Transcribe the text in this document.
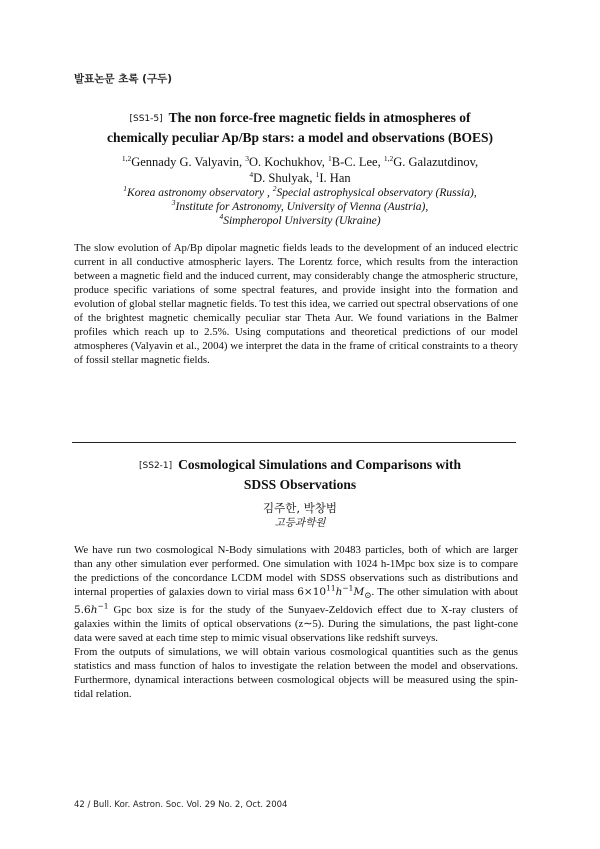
발표논문 초록 (구두)
[SS1-5] The non force-free magnetic fields in atmospheres of
chemically peculiar Ap/Bp stars: a model and observations (BOES)
$^{1,2}$Gennady G. Valyavin, $^3$O. Kochukhov, $^1$B-C. Lee, $^{1,2}$G. Galazutdinov,
$^4$D. Shulyak, $^1$I. Han
$^1$Korea astronomy observatory , $^2$Special astrophysical observatory (Russia),
$^3$Institute for Astronomy, University of Vienna (Austria),
$^4$Simpheropol University (Ukraine)

The slow evolution of Ap/Bp dipolar magnetic fields leads to the development of an induced electric current in all conductive atmospheric layers. The Lorentz force, which results from the interaction between a magnetic field and the induced current, may considerably change the atmospheric structure, produce specific variations of some spectral features, and provide insight into the formation and evolution of global stellar magnetic fields. To test this idea, we carried out spectral observations of one of the brightest magnetic chemically peculiar star Theta Aur. We found variations in the Balmer profiles which reach up to 2.5%. Using computations and theoretical predictions of our model atmospheres (Valyavin et al., 2004) we interpret the data in the frame of critical constraints to a theory of fossil stellar magnetic fields.

[SS2-1] Cosmological Simulations and Comparisons with
SDSS Observations
김주한, 박창범
고등과학원

We have run two cosmological N-Body simulations with 20483 particles, both of which are larger than any other simulation ever performed. One simulation with 1024 h-1Mpc box size is to compare the predictions of the concordance LCDM model with SDSS observations such as distributions and internal properties of galaxies down to virial mass $6\times 10^{11}h^{-1}M_⊙$. The other simulation with about $5.6h^{-1}$ Gpc box size is for the study of the Sunyaev-Zeldovich effect due to X-ray clusters of galaxies within the limits of optical observations (z∼5). During the simulations, the past light-cone data were saved at each time step to mimic visual observations like redshift surveys.

From the outputs of simulations, we will obtain various cosmological quantities such as the genus statistics and mass function of halos to investigate the relation between the model and observations. Furthermore, dynamical interactions between cosmological objects will be measured using the spin-tidal relation.

42 / Bull. Kor. Astron. Soc. Vol. 29 No. 2, Oct. 2004
